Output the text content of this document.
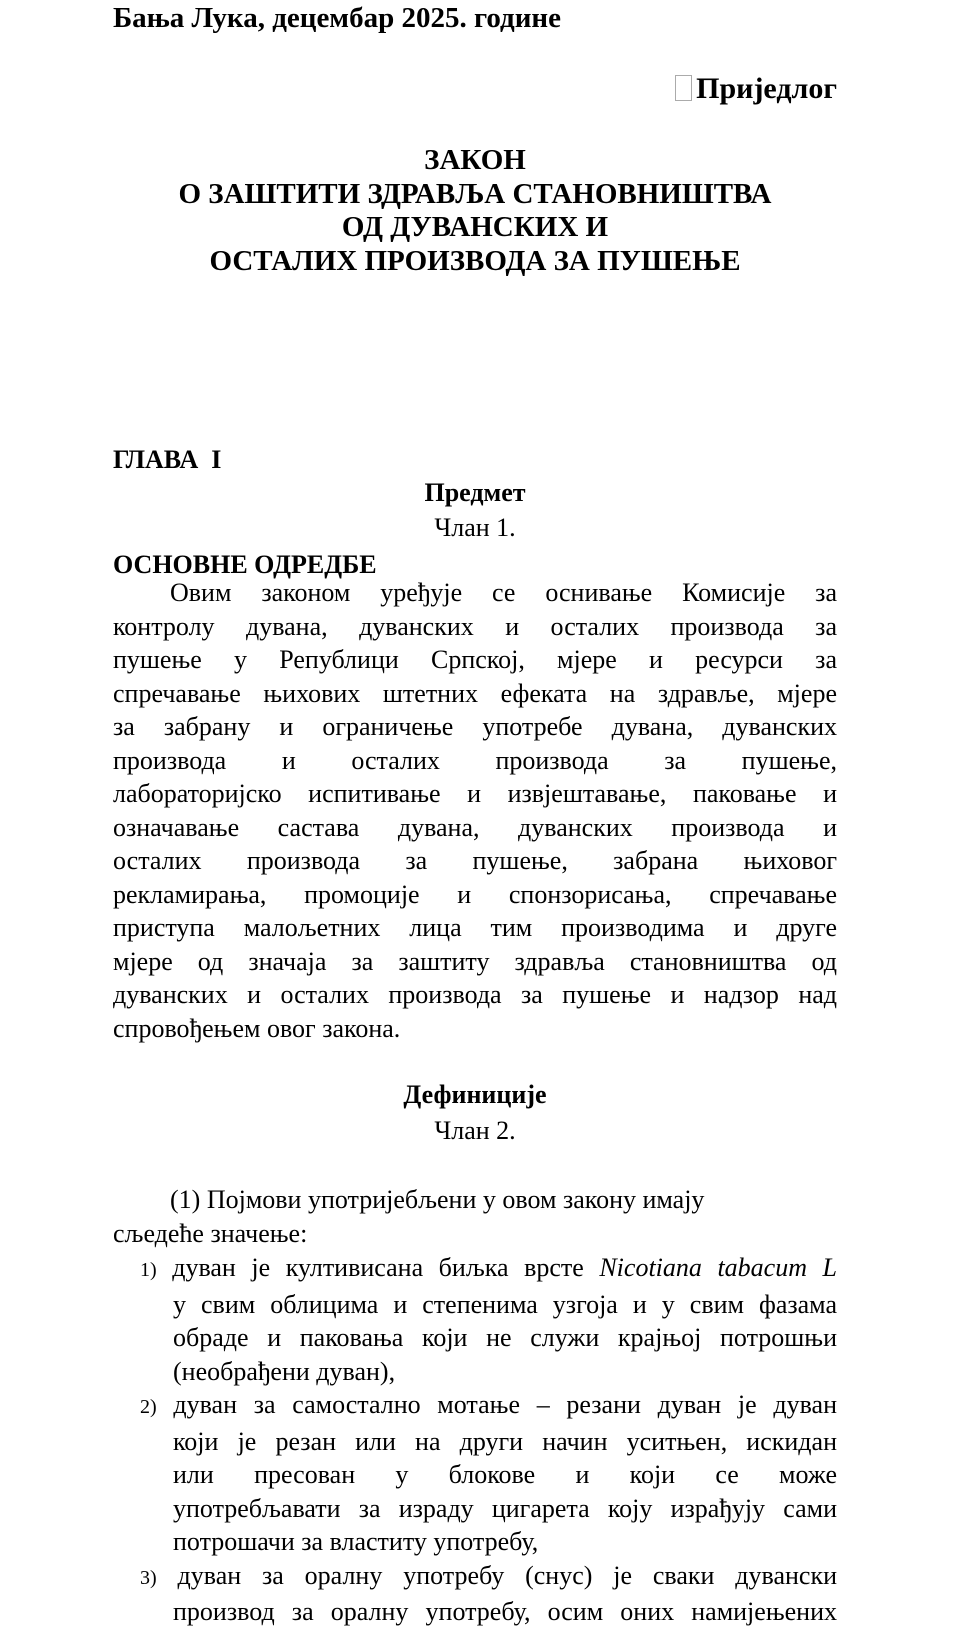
Бања Лука, децембар 2025. године
Приједлог
ЗАКОН
О ЗАШТИТИ ЗДРАВЉА СТАНОВНИШТВА
ОД ДУВАНСКИХ И
ОСТАЛИХ ПРОИЗВОДА ЗА ПУШЕЊЕ

ГЛАВА  I

ОСНОВНЕ ОДРЕДБЕ

Предмет
Члан 1.
Овим законом уређује се оснивање Комисије за
контролу дувана, дуванских и осталих производа за
пушење у Републици Српској, мјере и ресурси за
спречавање њихових штетних ефеката на здравље, мјере
за забрану и ограничење употребе дувана, дуванских
производа и осталих производа за пушење,
лабораторијско испитивање и извјештавање, паковање и
означавање састава дувана, дуванских производа и
осталих производа за пушење, забрана њиховог
рекламирања, промоције и спонзорисања, спречавање
приступа малољетних лица тим производима и друге
мјере од значаја за заштиту здравља становништва од
дуванских и осталих производа за пушење и надзор над
спровођењем овог закона.
Дефиниције
Члан 2.
(1) Појмови употријебљени у овом закону имају
сљедеће значење:
1) дуван је култивисана биљка врсте Nicotiana tabacum L
у свим облицима и степенима узгоја и у свим фазама
обраде и паковања који не служи крајњој потрошњи
(необрађени дуван),
2) дуван за самостално мотање – резани дуван је дуван
који је резан или на други начин уситњен, искидан
или пресован у блокове и који се може
употребљавати за израду цигарета коју израђују сами
потрошачи за властиту употребу,
3) дуван за оралну употребу (снус) је сваки дувански
производ за оралну употребу, осим оних намијењених
